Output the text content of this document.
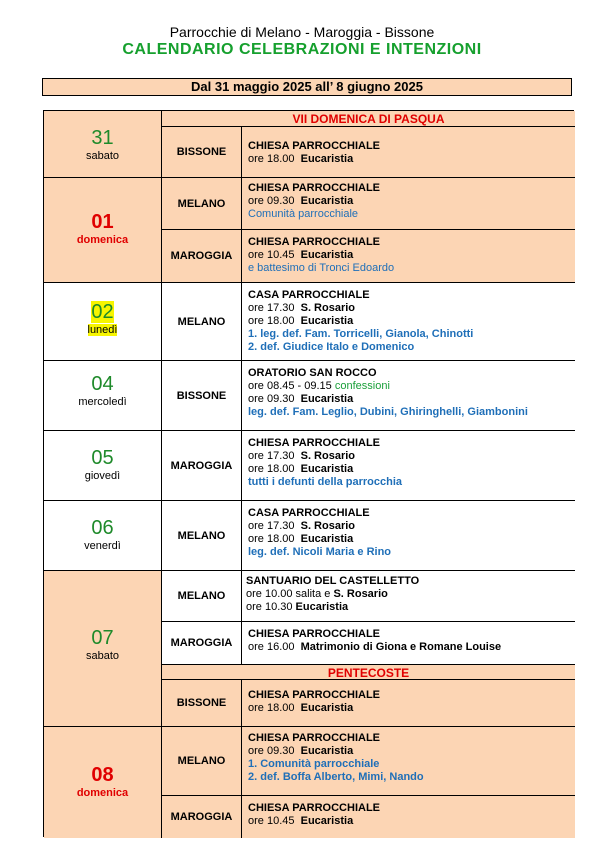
Parrocchie di Melano - Maroggia - Bissone
CALENDARIO CELEBRAZIONI E INTENZIONI
Dal 31 maggio 2025 all’ 8 giugno 2025
31
sabato
VII DOMENICA DI PASQUA
BISSONE	CHIESA PARROCCHIALE
ore 18.00 Eucaristia
01
domenica
MELANO
CHIESA PARROCCHIALE
ore 09.30 Eucaristia
Comunità parrocchiale
MAROGGIA
CHIESA PARROCCHIALE
ore 10.45 Eucaristia
e battesimo di Tronci Edoardo
02
lunedì
MELANO
CASA PARROCCHIALE
ore 17.30 S. Rosario
ore 18.00 Eucaristia
1. leg. def. Fam. Torricelli, Gianola, Chinotti
2. def. Giudice Italo e Domenico
04
mercoledì
BISSONE
ORATORIO SAN ROCCO
ore 08.45 - 09.15 confessioni
ore 09.30 Eucaristia
leg. def. Fam. Leglio, Dubini, Ghiringhelli, Giambonini
05
giovedì
MAROGGIA
CHIESA PARROCCHIALE
ore 17.30 S. Rosario
ore 18.00 Eucaristia
tutti i defunti della parrocchia
06
venerdì
MELANO
CASA PARROCCHIALE
ore 17.30 S. Rosario
ore 18.00 Eucaristia
leg. def. Nicoli Maria e Rino
07
sabato
MELANO
SANTUARIO DEL CASTELLETTO
ore 10.00 salita e S. Rosario
ore 10.30 Eucaristia
MAROGGIA
CHIESA PARROCCHIALE
ore 16.00 Matrimonio di Giona e Romane Louise
PENTECOSTE
BISSONE
CHIESA PARROCCHIALE
ore 18.00 Eucaristia
08
domenica
MELANO
CHIESA PARROCCHIALE
ore 09.30 Eucaristia
1. Comunità parrocchiale
2. def. Boffa Alberto, Mimi, Nando
MAROGGIA
CHIESA PARROCCHIALE
ore 10.45 Eucaristia
